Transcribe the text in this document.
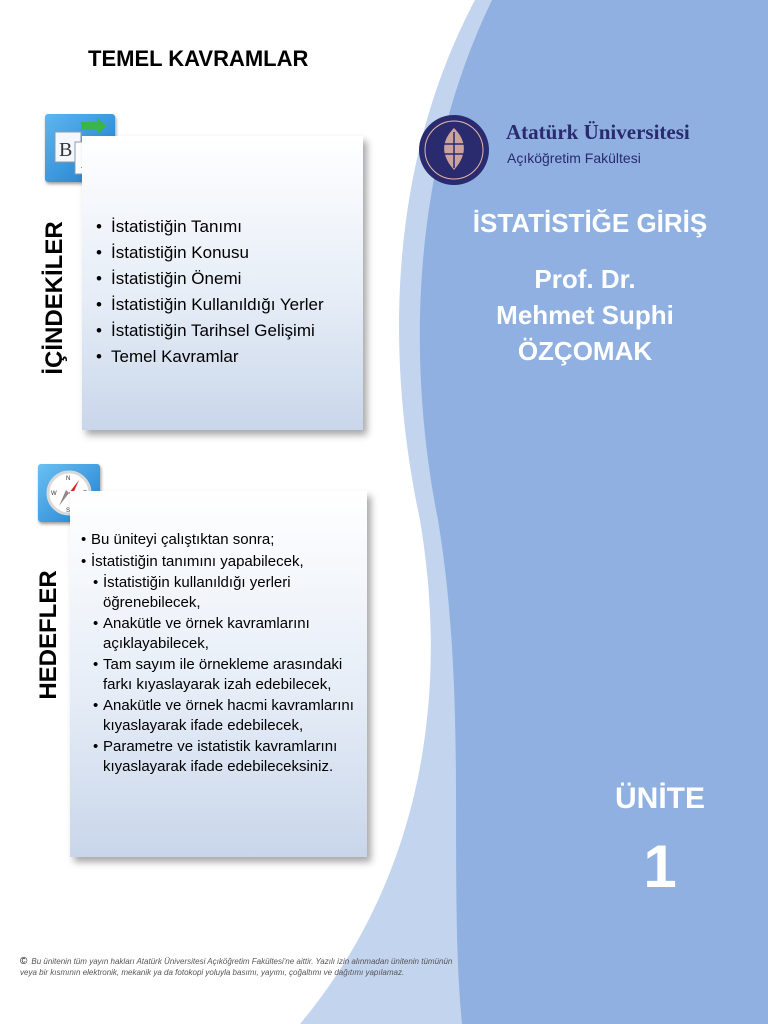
TEMEL KAVRAMLAR
B
İÇİNDEKİLER
•	İstatistiğin Tanımı
• İstatistiğin Konusu
• İstatistiğin Önemi
• İstatistiğin Kullanıldığı Yerler
• İstatistiğin Tarihsel Gelişimi
• Temel Kavramlar
N
S
W
HEDEFLER
• Bu üniteyi çalıştıktan sonra;
• İstatistiğin tanımını yapabilecek,
• İstatistiğin kullanıldığı yerleri öğrenebilecek,
• Anakütle ve örnek kavramlarını açıklayabilecek,
• Tam sayım ile örnekleme arasındaki farkı kıyaslayarak izah edebilecek,
• Anakütle ve örnek hacmi kavramlarını kıyaslayarak ifade edebilecek,
• Parametre ve istatistik kavramlarını kıyaslayarak ifade edebileceksiniz.
Atatürk Üniversitesi
Açıköğretim Fakültesi
İSTATİSTİĞE GİRİŞ
Prof. Dr.
Mehmet Suphi
ÖZÇOMAK
ÜNİTE
1
© Bu ünitenin tüm yayın hakları Atatürk Üniversitesi Açıköğretim Fakültesi'ne aittir. Yazılı izin alınmadan ünitenin tümünün veya bir kısmının elektronik, mekanik ya da fotokopi yoluyla basımı, yayımı, çoğaltımı ve dağıtımı yapılamaz.
